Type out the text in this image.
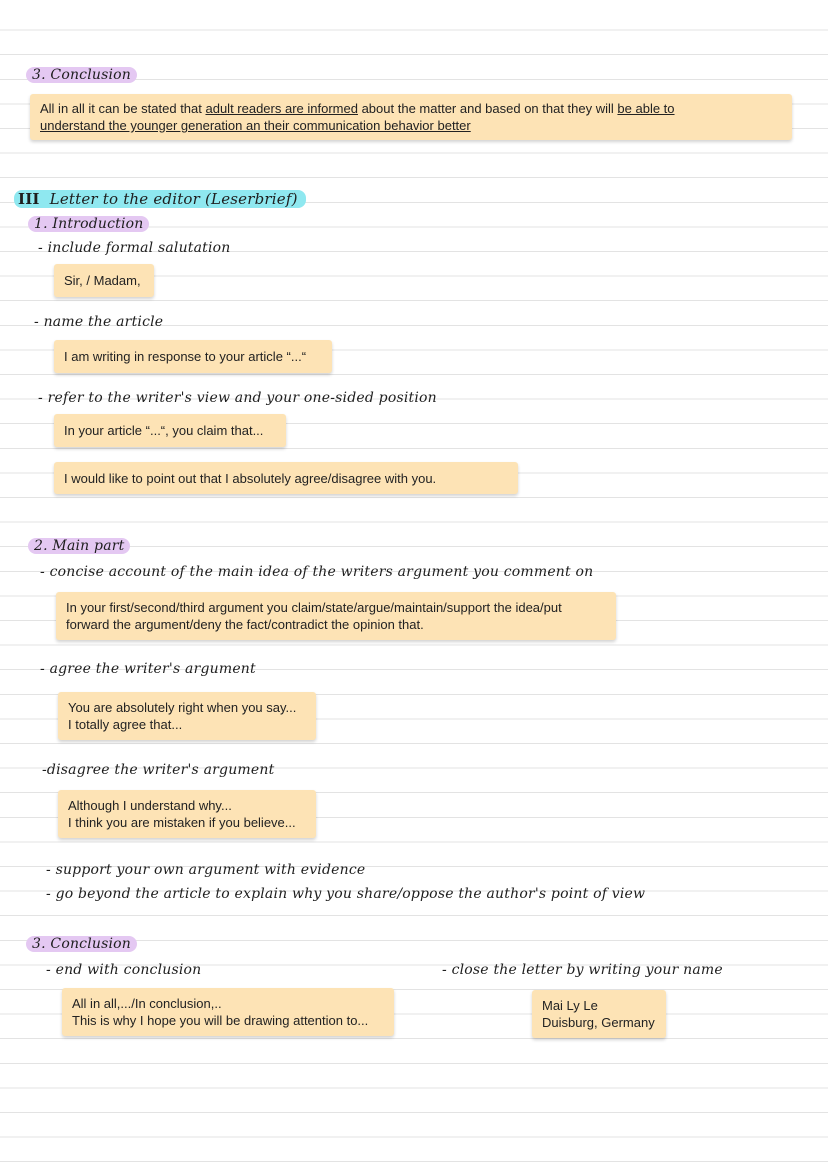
3. Conclusion
All in all it can be stated that adult readers are informed about the matter and based on that they will be able to
understand the younger generation an their communication behavior better
III Letter to the editor (Leserbrief)
1. Introduction
- include formal salutation
Sir, / Madam,
- name the article
I am writing in response to your article “...“
- refer to the writer's view and your one-sided position
In your article “...“, you claim that...
I would like to point out that I absolutely agree/disagree with you.
2. Main part
- concise account of the main idea of the writers argument you comment on
In your first/second/third argument you claim/state/argue/maintain/support the idea/put
forward the argument/deny the fact/contradict the opinion that.
- agree the writer's argument
You are absolutely right when you say...
I totally agree that...
-disagree the writer's argument
Although I understand why...
I think you are mistaken if you believe...
- support your own argument with evidence
- go beyond the article to explain why you share/oppose the author's point of view
3. Conclusion
- end with conclusion
All in all,.../In conclusion,..
This is why I hope you will be drawing attention to...
- close the letter by writing your name
Mai Ly Le
Duisburg, Germany
